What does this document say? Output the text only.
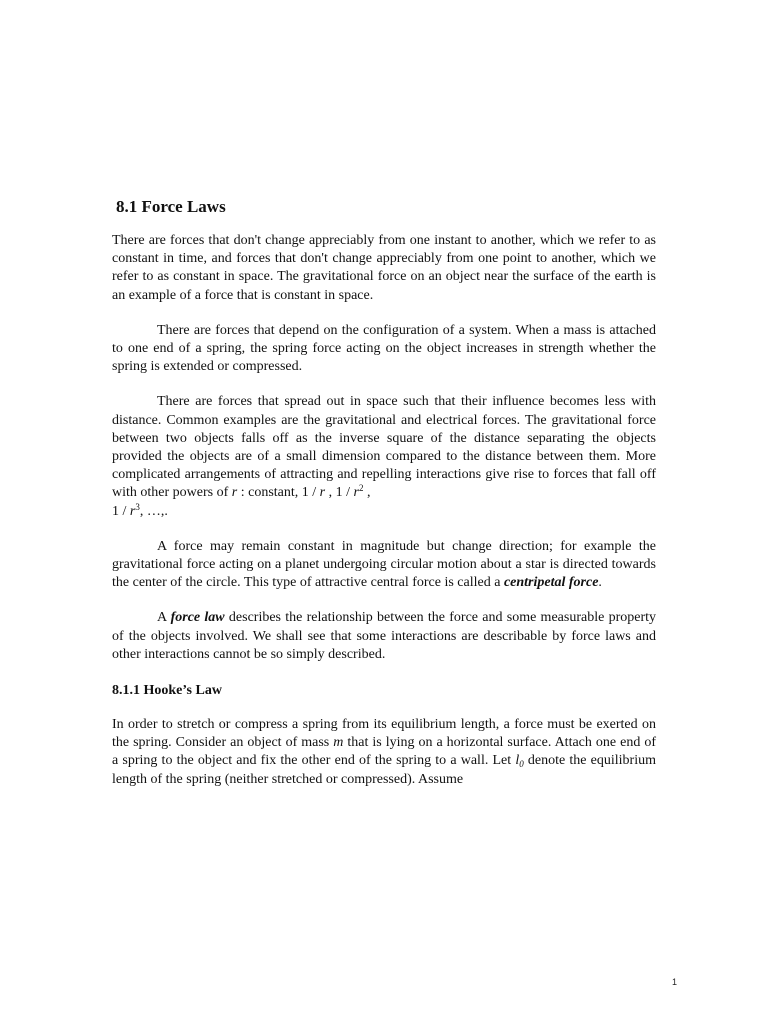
8.1 Force Laws

There are forces that don't change appreciably from one instant to another, which we refer to as constant in time, and forces that don't change appreciably from one point to another, which we refer to as constant in space. The gravitational force on an object near the surface of the earth is an example of a force that is constant in space.

There are forces that depend on the configuration of a system. When a mass is attached to one end of a spring, the spring force acting on the object increases in strength whether the spring is extended or compressed.

There are forces that spread out in space such that their influence becomes less with distance. Common examples are the gravitational and electrical forces. The gravitational force between two objects falls off as the inverse square of the distance separating the objects provided the objects are of a small dimension compared to the distance between them. More complicated arrangements of attracting and repelling interactions give rise to forces that fall off with other powers of r : constant, 1 / r , $1 / r^2$ ,
$1 / r^3$, …,.

A force may remain constant in magnitude but change direction; for example the gravitational force acting on a planet undergoing circular motion about a star is directed towards the center of the circle. This type of attractive central force is called a centripetal force.

A force law describes the relationship between the force and some measurable property of the objects involved. We shall see that some interactions are describable by force laws and other interactions cannot be so simply described.

8.1.1 Hooke’s Law

In order to stretch or compress a spring from its equilibrium length, a force must be exerted on the spring. Consider an object of mass m that is lying on a horizontal surface. Attach one end of a spring to the object and fix the other end of the spring to a wall. Let $l_0$ denote the equilibrium length of the spring (neither stretched or compressed). Assume

1
